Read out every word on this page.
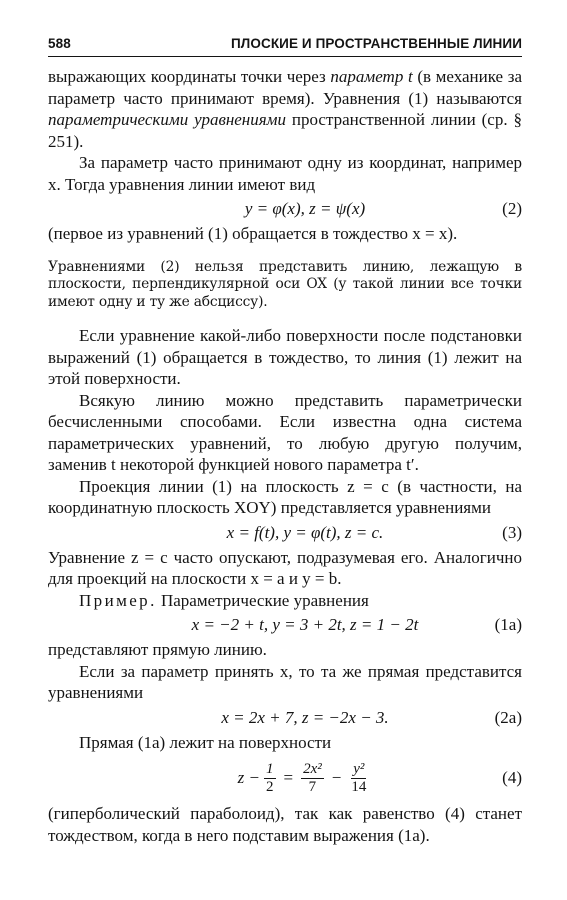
588	ПЛОСКИЕ И ПРОСТРАНСТВЕННЫЕ ЛИНИИ

выражающих координаты точки через параметр t (в механике за параметр часто принимают время). Уравнения (1) называются параметрическими уравнениями пространственной линии (ср. § 251).

За параметр часто принимают одну из координат, например x. Тогда уравнения линии имеют вид

y = φ(x), z = ψ(x)	(2)

(первое из уравнений (1) обращается в тождество x = x).

Уравнениями (2) нельзя представить линию, лежащую в плоскости, перпендикулярной оси OX (у такой линии все точки имеют одну и ту же абсциссу).

Если уравнение какой-либо поверхности после подстановки выражений (1) обращается в тождество, то линия (1) лежит на этой поверхности.

Всякую линию можно представить параметрически бесчисленными способами. Если известна одна система параметрических уравнений, то любую другую получим, заменив t некоторой функцией нового параметра t′.

Проекция линии (1) на плоскость z = c (в частности, на координатную плоскость XOY) представляется уравнениями

x = f(t), y = φ(t), z = c.	(3)

Уравнение z = c часто опускают, подразумевая его. Аналогично для проекций на плоскости x = a и y = b.

Пример. Параметрические уравнения

x = −2 + t, y = 3 + 2t, z = 1 − 2t	(1a)

представляют прямую линию.

Если за параметр принять x, то та же прямая представится уравнениями

x = 2x + 7, z = −2x − 3.	(2a)

Прямая (1а) лежит на поверхности

$z - \frac{1}{2} = \frac{\text{2x²}}{7} - \frac{\text{y²}}{14}$	(4)

(гиперболический параболоид), так как равенство (4) станет тождеством, когда в него подставим выражения (1а).
